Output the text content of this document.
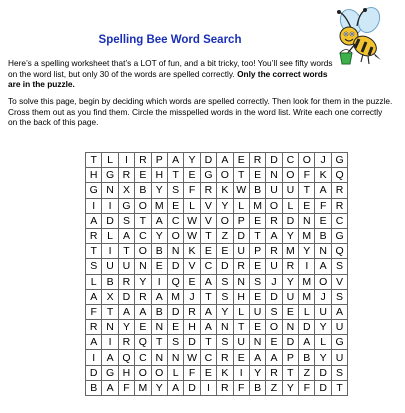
Spelling Bee Word Search

Here’s a spelling worksheet that’s a LOT of fun, and a bit tricky, too! You’ll see fifty words on the word list, but only 30 of the words are spelled correctly. Only the correct words are in the puzzle.

To solve this page, begin by deciding which words are spelled correctly. Then look for them in the puzzle. Cross them out as you find them. Circle the misspelled words in the word list. Write each one correctly on the back of this page.

T	L	I	R	P	A	Y	D	A	E	R	D	C	O	J	G
H	G	R	E	H	T	E	G	O	T	E	N	O	F	K	Q
G	N	X	B	Y	S	F	R	K	W	B	U	U	T	A	R
I	I	G	O	M	E	L	V	Y	L	M	O	L	E	F	R
A	D	S	T	A	C	W	V	O	P	E	R	D	N	E	C
R	L	A	C	Y	O	W	T	Z	D	T	A	Y	M	B	G
T	I	T	O	B	N	K	E	E	U	P	R	M	Y	N	Q
S	U	U	N	E	D	V	C	D	R	E	U	R	I	A	S
L	B	R	Y	I	Q	E	A	S	N	S	J	Y	M	O	V
A	X	D	R	A	M	J	T	S	H	E	D	U	M	J	S
F	T	A	A	B	D	R	A	Y	L	U	S	E	L	U	A
R	N	Y	E	N	E	H	A	N	T	E	O	N	D	Y	U
A	I	R	Q	T	S	D	T	S	U	N	E	D	A	L	G
I	A	Q	C	N	N	W	C	R	E	A	A	P	B	Y	U
D	G	H	O	O	L	F	E	K	I	Y	R	T	Z	D	S
B	A	F	M	Y	A	D	I	R	F	B	Z	Y	F	D	T
